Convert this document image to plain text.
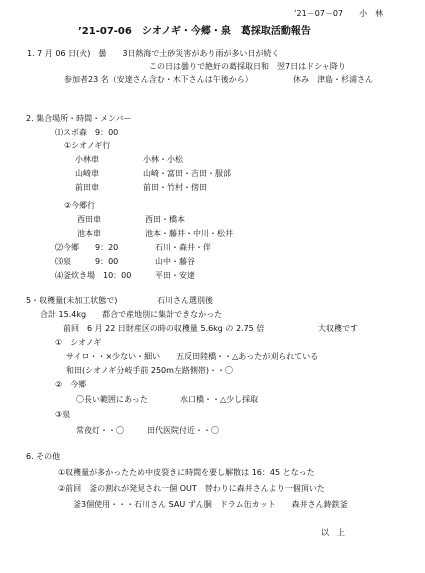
’21－07－07　　小　林
’21-07-06　シオノギ・今郷・泉　葛採取活動報告
1. 7 月 06 日(火)　曇　　3日熱海で土砂災害があり雨が多い日が続く
この日は曇りで絶好の葛採取日和　翌7日はドシャ降り
参加者23 名（安達さん含む・木下さんは午後から）	休み　津島・杉浦さん
2. 集合場所・時間・メンバー
⑴スポ森　9：00
①シオノギ行
小林車	小林・小松
山崎車	山崎・富田・吉田・服部
前田車	前田・竹村・傍田
②今郷行
西田車	西田・橋本
池本車	池本・藤井・中川・松井
⑵今郷　　9：20	石川・森井・伴
⑶泉　　　9：00	山中・藤谷
⑷釜炊き場　10：00	平田・安達
5・収穫量(未加工状態で)	石川さん選別後
合計 15.4kg　　都合で産地別に集計できなかった
前回　6 月 22 日財産区の時の収穫量 5.6kg の 2.75 倍	大収穫です
①　シオノギ
サイロ・・×少ない・細い　　五反田陸橋・・△あったが刈られている
和田(シオノギ分岐手前 250m左路側帯)・・〇
②　今郷
〇長い範囲にあった	水口橋・・△少し採取
③泉
常夜灯・・〇	田代医院付近・・〇
6. その他
①収穫量が多かったため中皮裂きに時間を要し解散は 16：45 となった
②前回　釜の割れが発見され一個 OUT　替わりに森井さんより一個頂いた
釜3個使用・・・石川さん SAU ずん胴　ドラム缶カット　　森井さん鋳鉄釜
以　上
